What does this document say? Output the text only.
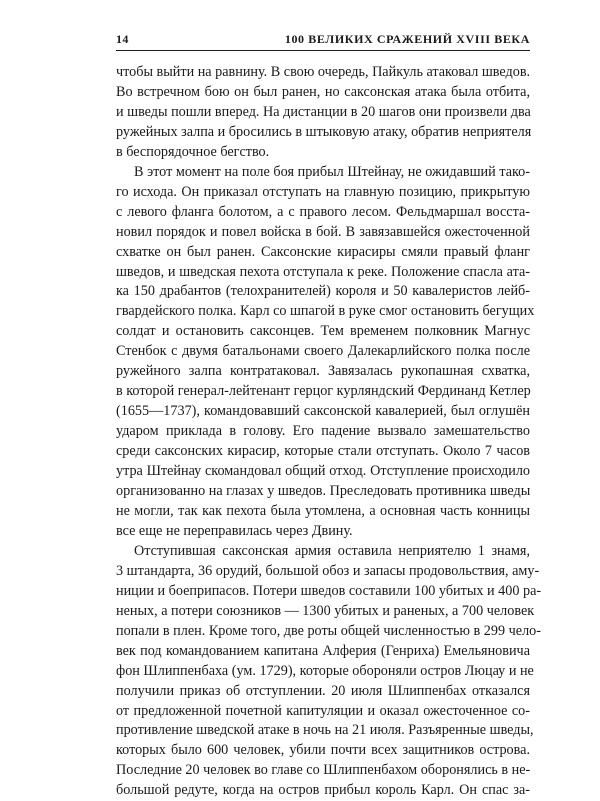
14	100 ВЕЛИКИХ СРАЖЕНИЙ XVIII ВЕКА
чтобы выйти на равнину. В свою очередь, Пайкуль атаковал шведов.
Во встречном бою он был ранен, но саксонская атака была отбита,
и шведы пошли вперед. На дистанции в 20 шагов они произвели два
ружейных залпа и бросились в штыковую атаку, обратив неприятеля
в беспорядочное бегство.
В этот момент на поле боя прибыл Штейнау, не ожидавший тако-
го исхода. Он приказал отступать на главную позицию, прикрытую
с левого фланга болотом, а с правого лесом. Фельдмаршал восста-
новил порядок и повел войска в бой. В завязавшейся ожесточенной
схватке он был ранен. Саксонские кирасиры смяли правый фланг
шведов, и шведская пехота отступала к реке. Положение спасла ата-
ка 150 драбантов (телохранителей) короля и 50 кавалеристов лейб-
гвардейского полка. Карл со шпагой в руке смог остановить бегущих
солдат и остановить саксонцев. Тем временем полковник Магнус
Стенбок с двумя батальонами своего Далекарлийского полка после
ружейного залпа контратаковал. Завязалась рукопашная схватка,
в которой генерал-лейтенант герцог курляндский Фердинанд Кетлер
(1655—1737), командовавший саксонской кавалерией, был оглушён
ударом приклада в голову. Его падение вызвало замешательство
среди саксонских кирасир, которые стали отступать. Около 7 часов
утра Штейнау скомандовал общий отход. Отступление происходило
организованно на глазах у шведов. Преследовать противника шведы
не могли, так как пехота была утомлена, а основная часть конницы
все еще не переправилась через Двину.
Отступившая саксонская армия оставила неприятелю 1 знамя,
3 штандарта, 36 орудий, большой обоз и запасы продовольствия, аму-
ниции и боеприпасов. Потери шведов составили 100 убитых и 400 ра-
неных, а потери союзников — 1300 убитых и раненых, а 700 человек
попали в плен. Кроме того, две роты общей численностью в 299 чело-
век под командованием капитана Алферия (Генриха) Емельяновича
фон Шлиппенбаха (ум. 1729), которые обороняли остров Люцау и не
получили приказ об отступлении. 20 июля Шлиппенбах отказался
от предложенной почетной капитуляции и оказал ожесточенное со-
противление шведской атаке в ночь на 21 июля. Разъяренные шведы,
которых было 600 человек, убили почти всех защитников острова.
Последние 20 человек во главе со Шлиппенбахом оборонялись в не-
большой редуте, когда на остров прибыл король Карл. Он спас за-
